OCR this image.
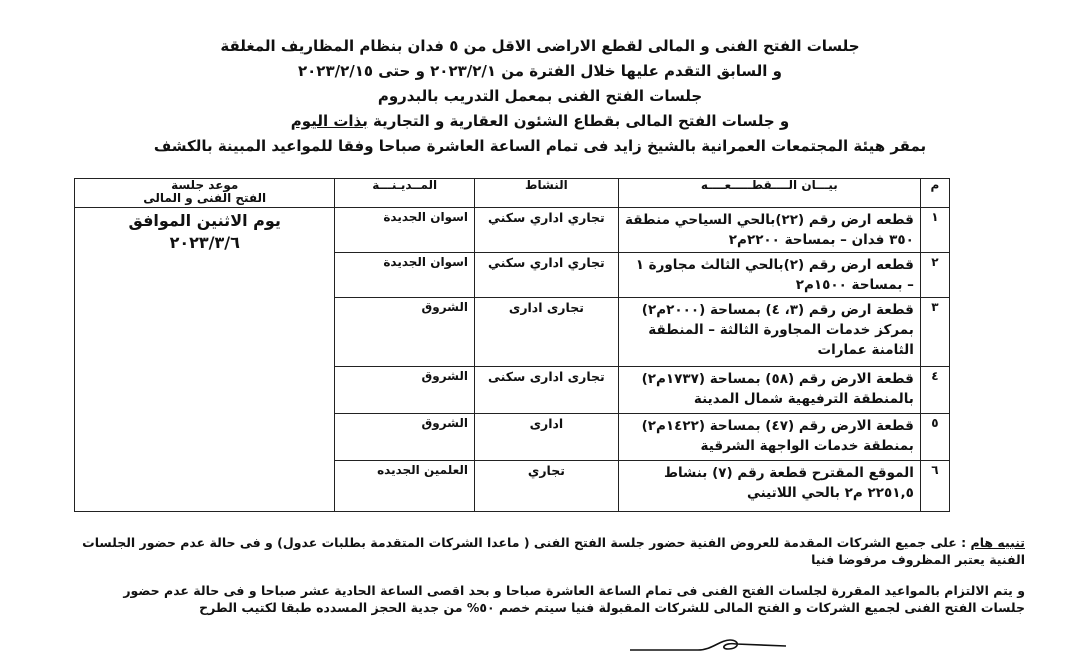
جلسات الفتح الفنى و المالى لقطع الاراضى الاقل من ٥ فدان بنظام المظاريف المغلقة
و السابق التقدم عليها خلال الفترة من ٢٠٢٣/٢/١ و حتى ٢٠٢٣/٢/١٥
جلسات الفتح الفنى بمعمل التدريب بالبدروم
و جلسات الفتح المالى بقطاع الشئون العقارية و التجارية بذات اليوم
بمقر هيئة المجتمعات العمرانية بالشيخ زايد فى تمام الساعة العاشرة صباحا وفقا للمواعيد المبينة بالكشف
م	بيـــان الــــقطـــــعــــه	النشاط	المــديـنـــة	موعد جلسة
الفتح الفنى و المالى

١	قطعه ارض رقم (٢٢)بالحي السياحي منطقة ٣٥٠ فدان – بمساحة ٢٢٠٠م٢	تجاري اداري سكني	اسوان الجديدة	يوم الاثنين الموافق
٢٠٢٣/٣/٦

٢	قطعه ارض رقم (٢)بالحي الثالث مجاورة ١ – بمساحة ١٥٠٠م٢	تجاري اداري سكني	اسوان الجديدة	
٣	قطعة ارض رقم (٣، ٤) بمساحة (٢٠٠٠م٢) بمركز خدمات المجاورة الثالثة – المنطقة الثامنة عمارات	تجارى ادارى	الشروق	
٤	قطعة الارض رقم (٥٨) بمساحة (١٧٣٧م٢) بالمنطقة الترفيهية شمال المدينة	تجارى ادارى سكنى	الشروق	
٥	قطعة الارض رقم (٤٧) بمساحة (١٤٢٢م٢) بمنطقة خدمات الواجهة الشرقية	ادارى	الشروق	
٦	الموقع المقترح قطعة رقم (٧) بنشاط ٢٢٥١,٥ م٢ بالحي اللاتيني	تجاري	العلمين الجديده	
تنبيه هام : على جميع الشركات المقدمة للعروض الفنية حضور جلسة الفتح الفنى ( ماعدا الشركات المتقدمة بطلبات عدول) و فى حالة عدم حضور الجلسات الفنية يعتبر المظروف مرفوضا فنيا
و يتم الالتزام بالمواعيد المقررة لجلسات الفتح الفنى فى تمام الساعة العاشرة صباحا و بحد اقصى الساعة الحادية عشر صباحا و فى حالة عدم حضور جلسات الفتح الفنى لجميع الشركات و الفتح المالى للشركات المقبولة فنيا سيتم خصم ٥٠% من جدية الحجز المسدده طبقا لكتيب الطرح
